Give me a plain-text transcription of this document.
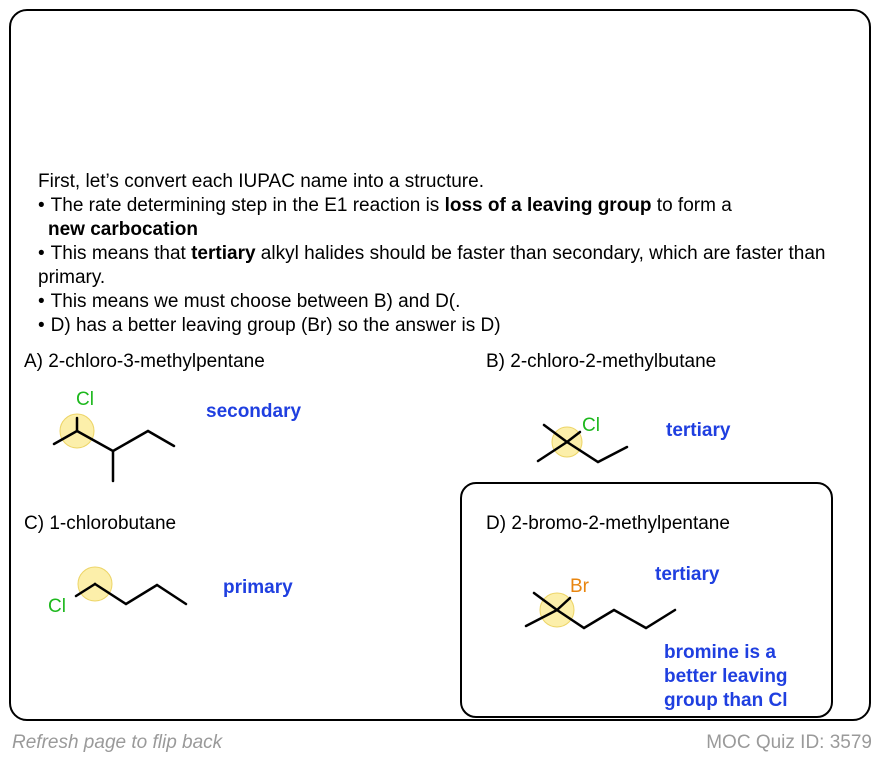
First, let’s convert each IUPAC name into a structure.

• The rate determining step in the E1 reaction is loss of a leaving group to form a

new carbocation

• This means that tertiary alkyl halides should be faster than secondary, which are faster than primary.

• This means we must choose between B) and D(.

• D) has a better leaving group (Br) so the answer is D)

A) 2-chloro-3-methylpentane
Cl
secondary
B) 2-chloro-2-methylbutane
Cl	tertiary
C) 1-chlorobutane
Cl
primary
D) 2-bromo-2-methylpentane
Br
tertiary
bromine is a
better leaving
group than Cl
Refresh page to flip back	MOC Quiz ID: 3579
